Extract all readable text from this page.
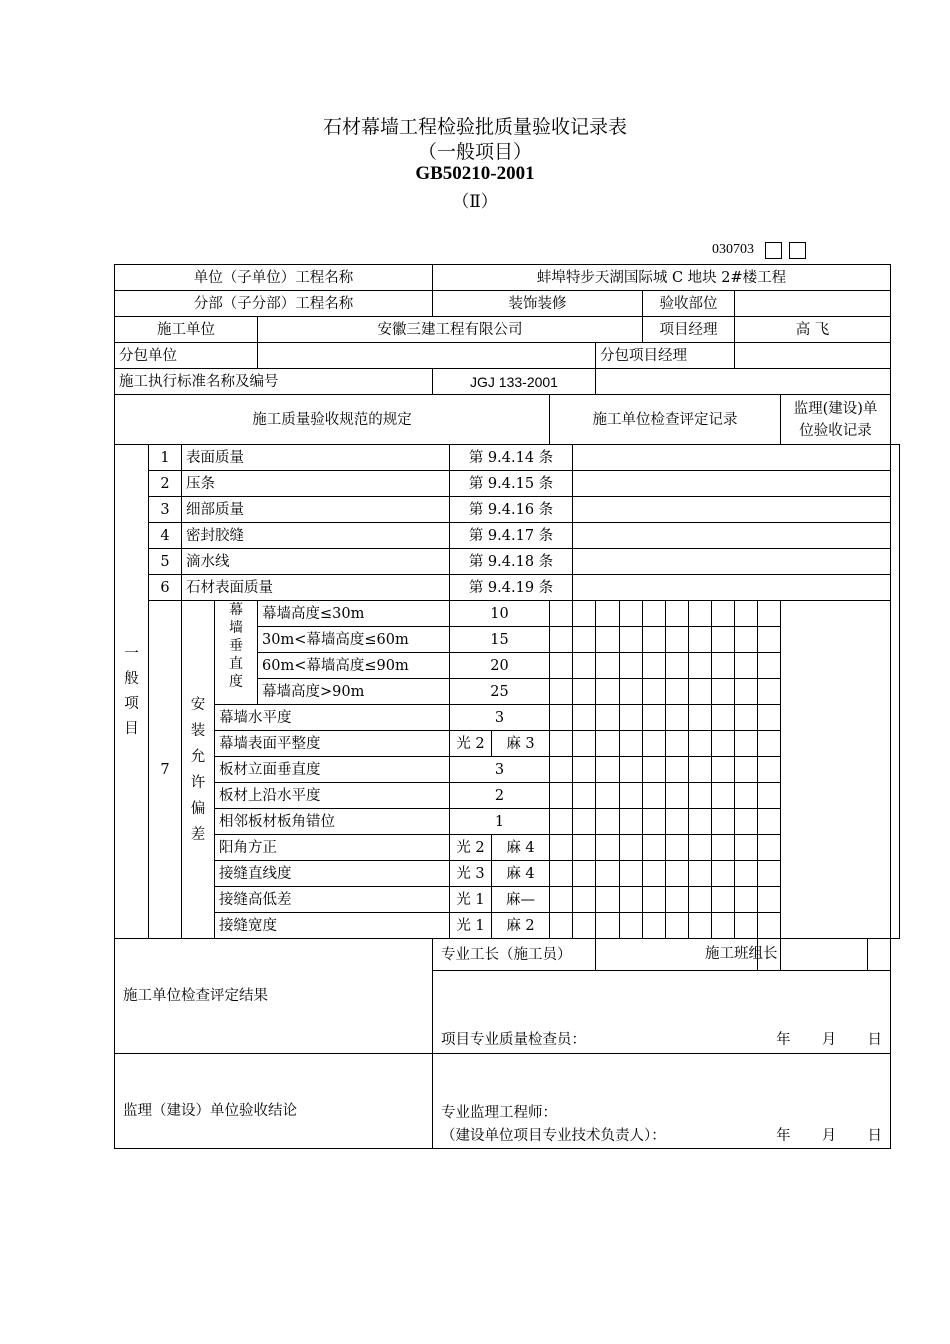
石材幕墙工程检验批质量验收记录表
（一般项目）
GB50210-2001
（Ⅱ）
030703
单位（子单位）工程名称					蚌埠特步天湖国际城 C 地块 2#楼工程														
分部（子分部）工程名称					装饰装修							验收部位							
施工单位				安徽三建工程有限公司								项目经理				高 飞			
分包单位										分包项目经理									
施工执行标准名称及编号					JGJ 133-2001														
施工质量验收规范的规定								施工单位检查评定记录										监理(建设)单位验收记录	
一般项目	1	表面质量				第 9.4.14 条													
	2	压条				第 9.4.15 条													
	3	细部质量				第 9.4.16 条													
	4	密封胶缝				第 9.4.17 条													
	5	滴水线				第 9.4.18 条													
	6	石材表面质量				第 9.4.19 条													
	7	安装允许偏差	幕墙垂直度	幕墙高度≤30m		10													
				30m<幕墙高度≤60m		15													
				60m<幕墙高度≤90m		20													
				幕墙高度>90m		25													
			幕墙水平度			3													
			幕墙表面平整度			光 2	麻 3												
			板材立面垂直度			3													
			板材上沿水平度			2													
			相邻板材板角错位			1													
			阳角方正			光 2	麻 4												
			接缝直线度			光 3	麻 4												
			接缝高低差			光 1	麻—												
			接缝宽度			光 1	麻 2												
施工单位检查评定结果					专业工长（施工员）													施工班组长	

					项目专业质量检查员： 年 月 日														

监理（建设）单位验收结论																			
					专业监理工程师：														
					（建设单位项目专业技术负责人）： 年 月 日														
